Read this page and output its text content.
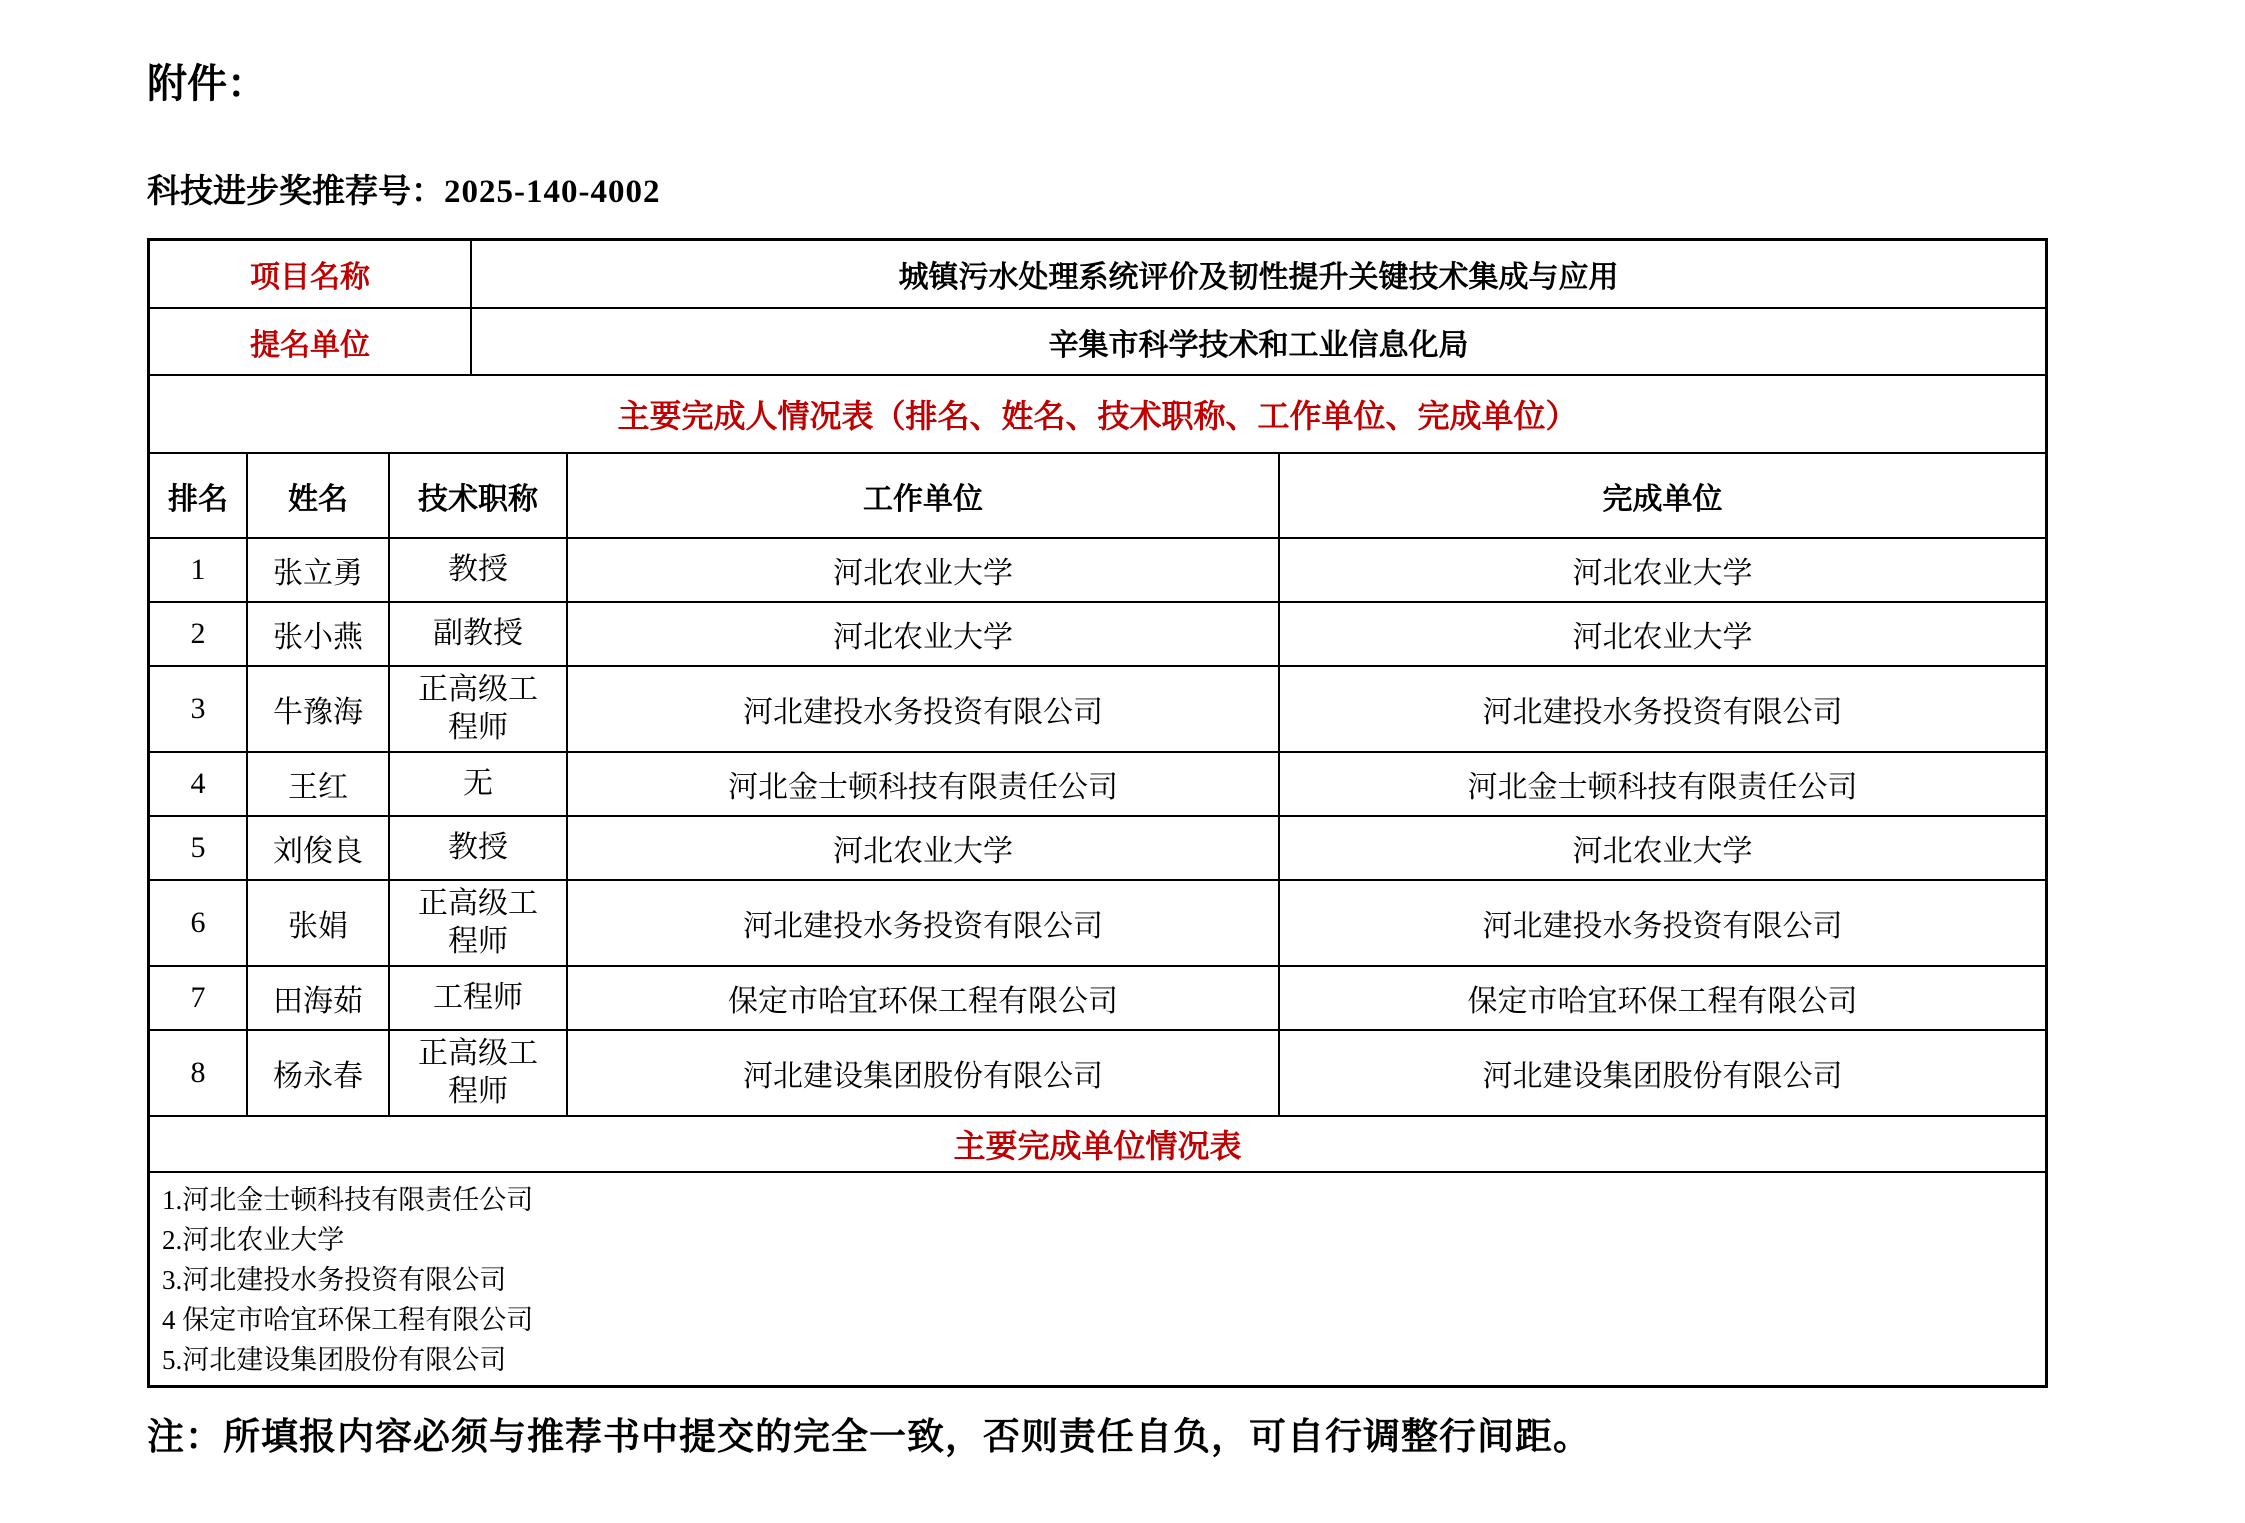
附件：
科技进步奖推荐号：2025-140-4002
项目名称	城镇污水处理系统评价及韧性提升关键技术集成与应用
提名单位	辛集市科学技术和工业信息化局
主要完成人情况表（排名、姓名、技术职称、工作单位、完成单位）
排名	姓名	技术职称	工作单位	完成单位
1	张立勇	教授	河北农业大学	河北农业大学
2	张小燕	副教授	河北农业大学	河北农业大学
3	牛豫海	正高级工程师	河北建投水务投资有限公司	河北建投水务投资有限公司
4	王红	无	河北金士顿科技有限责任公司	河北金士顿科技有限责任公司
5	刘俊良	教授	河北农业大学	河北农业大学
6	张娟	正高级工程师	河北建投水务投资有限公司	河北建投水务投资有限公司
7	田海茹	工程师	保定市哈宜环保工程有限公司	保定市哈宜环保工程有限公司
8	杨永春	正高级工程师	河北建设集团股份有限公司	河北建设集团股份有限公司
主要完成单位情况表
1.河北金士顿科技有限责任公司
2.河北农业大学
3.河北建投水务投资有限公司
4 保定市哈宜环保工程有限公司
5.河北建设集团股份有限公司
注：所填报内容必须与推荐书中提交的完全一致，否则责任自负，可自行调整行间距。
